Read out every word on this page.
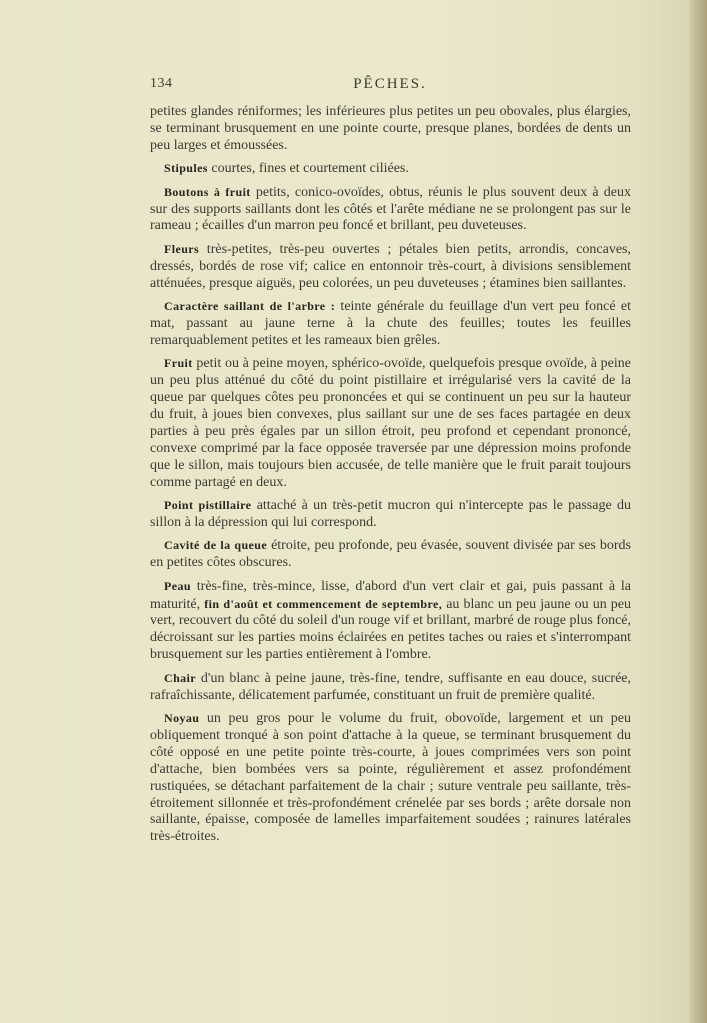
134	PÊCHES.

petites glandes réniformes; les inférieures plus petites un peu obovales, plus élargies, se terminant brusquement en une pointe courte, presque planes, bordées de dents un peu larges et émoussées.

Stipules courtes, fines et courtement ciliées.

Boutons à fruit petits, conico-ovoïdes, obtus, réunis le plus souvent deux à deux sur des supports saillants dont les côtés et l'arête médiane ne se prolongent pas sur le rameau ; écailles d'un marron peu foncé et brillant, peu duveteuses.

Fleurs très-petites, très-peu ouvertes ; pétales bien petits, arrondis, concaves, dressés, bordés de rose vif; calice en entonnoir très-court, à divisions sensiblement atténuées, presque aiguës, peu colorées, un peu duveteuses ; étamines bien saillantes.

Caractère saillant de l'arbre : teinte générale du feuillage d'un vert peu foncé et mat, passant au jaune terne à la chute des feuilles; toutes les feuilles remarquablement petites et les rameaux bien grêles.

Fruit petit ou à peine moyen, sphérico-ovoïde, quelquefois presque ovoïde, à peine un peu plus atténué du côté du point pistillaire et irrégularisé vers la cavité de la queue par quelques côtes peu prononcées et qui se continuent un peu sur la hauteur du fruit, à joues bien convexes, plus saillant sur une de ses faces partagée en deux parties à peu près égales par un sillon étroit, peu profond et cependant prononcé, convexe comprimé par la face opposée traversée par une dépression moins profonde que le sillon, mais toujours bien accusée, de telle manière que le fruit parait toujours comme partagé en deux.

Point pistillaire attaché à un très-petit mucron qui n'intercepte pas le passage du sillon à la dépression qui lui correspond.

Cavité de la queue étroite, peu profonde, peu évasée, souvent divisée par ses bords en petites côtes obscures.

Peau très-fine, très-mince, lisse, d'abord d'un vert clair et gai, puis passant à la maturité, fin d'août et commencement de septembre, au blanc un peu jaune ou un peu vert, recouvert du côté du soleil d'un rouge vif et brillant, marbré de rouge plus foncé, décroissant sur les parties moins éclairées en petites taches ou raies et s'interrompant brusquement sur les parties entièrement à l'ombre.

Chair d'un blanc à peine jaune, très-fine, tendre, suffisante en eau douce, sucrée, rafraîchissante, délicatement parfumée, constituant un fruit de première qualité.

Noyau un peu gros pour le volume du fruit, obovoïde, largement et un peu obliquement tronqué à son point d'attache à la queue, se terminant brusquement du côté opposé en une petite pointe très-courte, à joues comprimées vers son point d'attache, bien bombées vers sa pointe, régulièrement et assez profondément rustiquées, se détachant parfaitement de la chair ; suture ventrale peu saillante, très-étroitement sillonnée et très-profondément crénelée par ses bords ; arête dorsale non saillante, épaisse, composée de lamelles imparfaitement soudées ; rainures latérales très-étroites.
